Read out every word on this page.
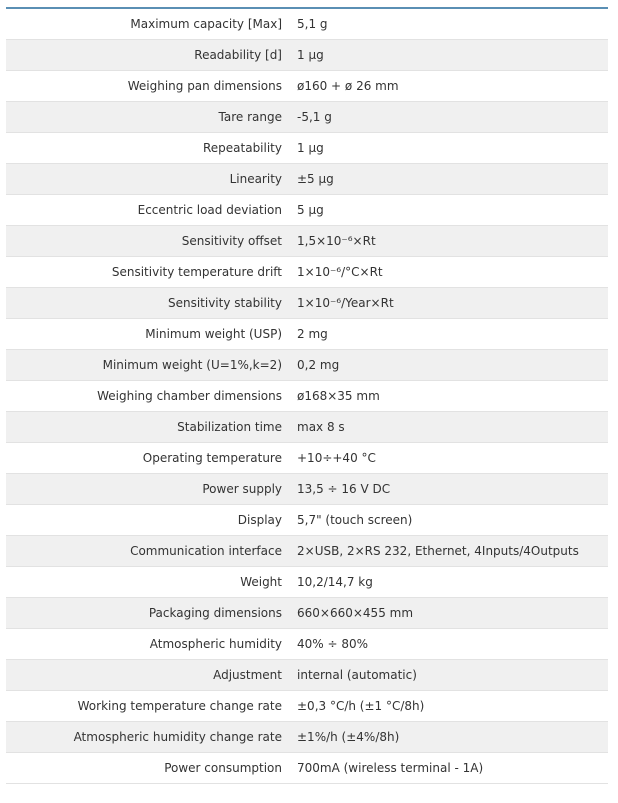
Maximum capacity [Max]	5,1 g
Readability [d]	1 µg
Weighing pan dimensions	ø160 + ø 26 mm
Tare range	-5,1 g
Repeatability	1 µg
Linearity	±5 µg
Eccentric load deviation	5 µg
Sensitivity offset	1,5×10⁻⁶×Rt
Sensitivity temperature drift	1×10⁻⁶/°C×Rt
Sensitivity stability	1×10⁻⁶/Year×Rt
Minimum weight (USP)	2 mg
Minimum weight (U=1%,k=2)	0,2 mg
Weighing chamber dimensions	ø168×35 mm
Stabilization time	max 8 s
Operating temperature	+10÷+40 °C
Power supply	13,5 ÷ 16 V DC
Display	5,7" (touch screen)
Communication interface	2×USB, 2×RS 232, Ethernet, 4Inputs/4Outputs
Weight	10,2/14,7 kg
Packaging dimensions	660×660×455 mm
Atmospheric humidity	40% ÷ 80%
Adjustment	internal (automatic)
Working temperature change rate	±0,3 °C/h (±1 °C/8h)
Atmospheric humidity change rate	±1%/h (±4%/8h)
Power consumption	700mA (wireless terminal - 1A)
